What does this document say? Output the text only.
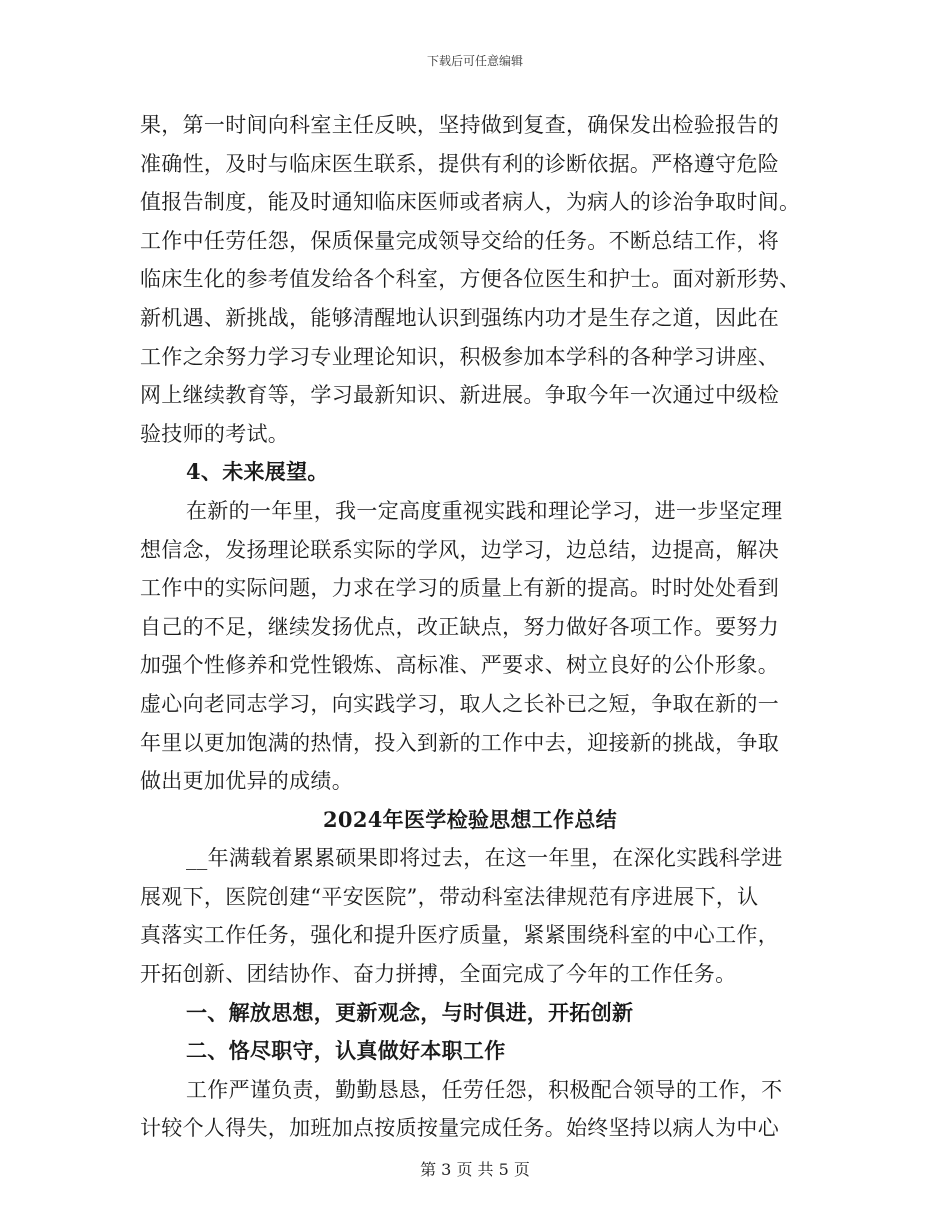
下载后可任意编辑
果，第一时间向科室主任反映，坚持做到复查，确保发出检验报告的
准确性，及时与临床医生联系，提供有利的诊断依据。严格遵守危险
值报告制度，能及时通知临床医师或者病人，为病人的诊治争取时间。
工作中任劳任怨，保质保量完成领导交给的任务。不断总结工作，将
临床生化的参考值发给各个科室，方便各位医生和护士。面对新形势、
新机遇、新挑战，能够清醒地认识到强练内功才是生存之道，因此在
工作之余努力学习专业理论知识，积极参加本学科的各种学习讲座、
网上继续教育等，学习最新知识、新进展。争取今年一次通过中级检
验技师的考试。
4、未来展望。
在新的一年里，我一定高度重视实践和理论学习，进一步坚定理
想信念，发扬理论联系实际的学风，边学习，边总结，边提高，解决
工作中的实际问题，力求在学习的质量上有新的提高。时时处处看到
自己的不足，继续发扬优点，改正缺点，努力做好各项工作。要努力
加强个性修养和党性锻炼、高标准、严要求、树立良好的公仆形象。
虚心向老同志学习，向实践学习，取人之长补已之短，争取在新的一
年里以更加饱满的热情，投入到新的工作中去，迎接新的挑战，争取
做出更加优异的成绩。
2024年医学检验思想工作总结
__年满载着累累硕果即将过去，在这一年里，在深化实践科学进
展观下，医院创建“平安医院”，带动科室法律规范有序进展下，认
真落实工作任务，强化和提升医疗质量，紧紧围绕科室的中心工作，
开拓创新、团结协作、奋力拼搏，全面完成了今年的工作任务。
一、解放思想，更新观念，与时俱进，开拓创新
二、恪尽职守，认真做好本职工作
工作严谨负责，勤勤恳恳，任劳任怨，积极配合领导的工作，不
计较个人得失，加班加点按质按量完成任务。始终坚持以病人为中心
第 3 页 共 5 页
